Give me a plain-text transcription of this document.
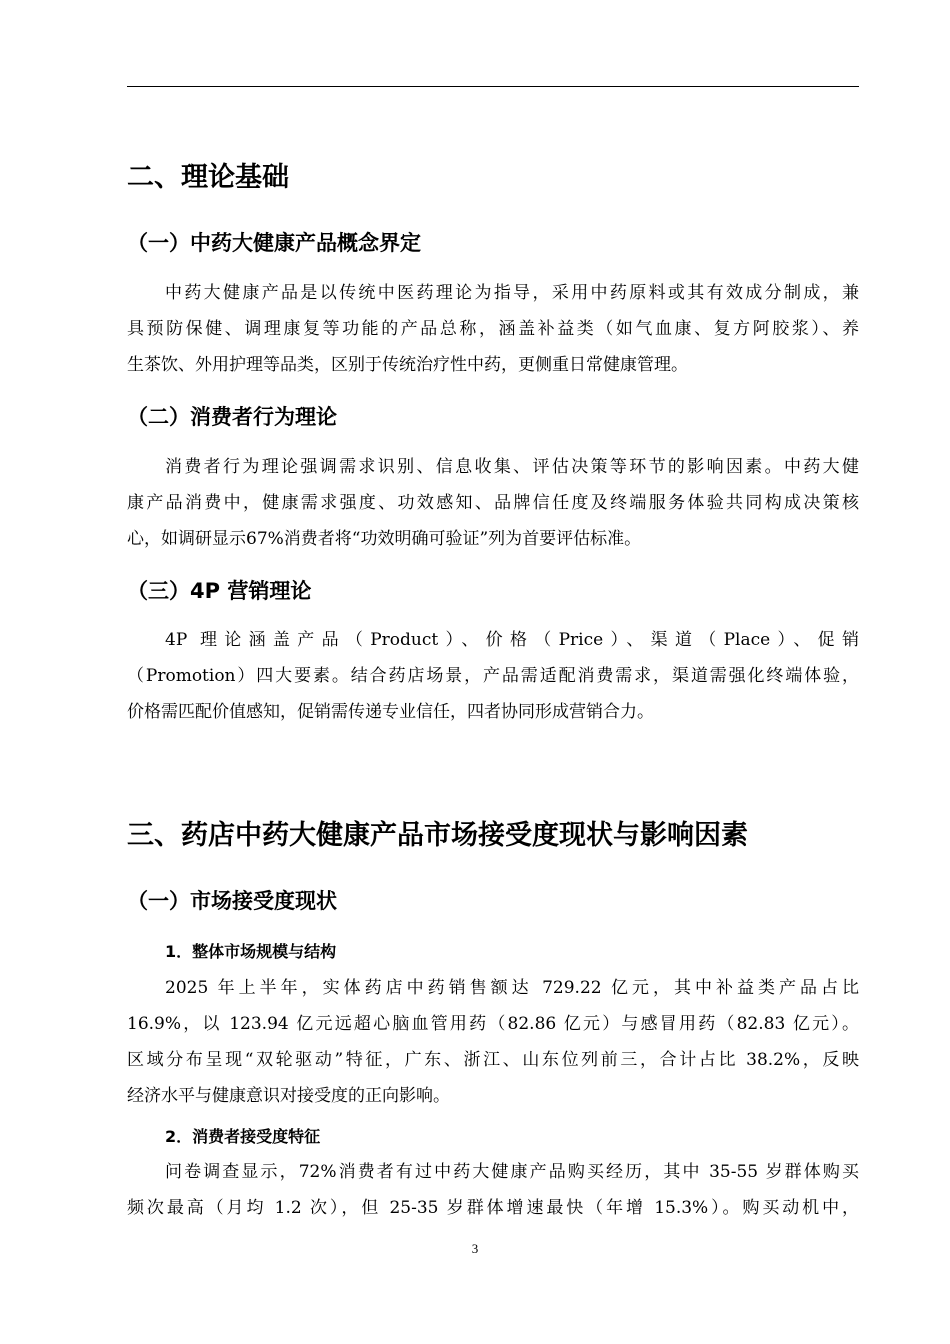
二、理论基础
（一）中药大健康产品概念界定
中药大健康产品是以传统中医药理论为指导，采用中药原料或其有效成分制成，兼
具预防保健、调理康复等功能的产品总称，涵盖补益类（如气血康、复方阿胶浆）、养
生茶饮、外用护理等品类，区别于传统治疗性中药，更侧重日常健康管理。
（二）消费者行为理论
消费者行为理论强调需求识别、信息收集、评估决策等环节的影响因素。中药大健
康产品消费中，健康需求强度、功效感知、品牌信任度及终端服务体验共同构成决策核
心，如调研显示67%消费者将“功效明确可验证”列为首要评估标准。
（三）4P 营销理论
4P 理论涵盖产品（Product）、价格（Price）、渠道（Place）、促销
（Promotion）四大要素。结合药店场景，产品需适配消费需求，渠道需强化终端体验，
价格需匹配价值感知，促销需传递专业信任，四者协同形成营销合力。
三、药店中药大健康产品市场接受度现状与影响因素
（一）市场接受度现状
1．整体市场规模与结构
2025 年上半年，实体药店中药销售额达 729.22 亿元，其中补益类产品占比
16.9%，以 123.94 亿元远超心脑血管用药（82.86 亿元）与感冒用药（82.83 亿元）。
区域分布呈现“双轮驱动”特征，广东、浙江、山东位列前三，合计占比 38.2%，反映
经济水平与健康意识对接受度的正向影响。
2．消费者接受度特征
问卷调查显示，72%消费者有过中药大健康产品购买经历，其中 35-55 岁群体购买
频次最高（月均 1.2 次），但 25-35 岁群体增速最快（年增 15.3%）。购买动机中，
3
